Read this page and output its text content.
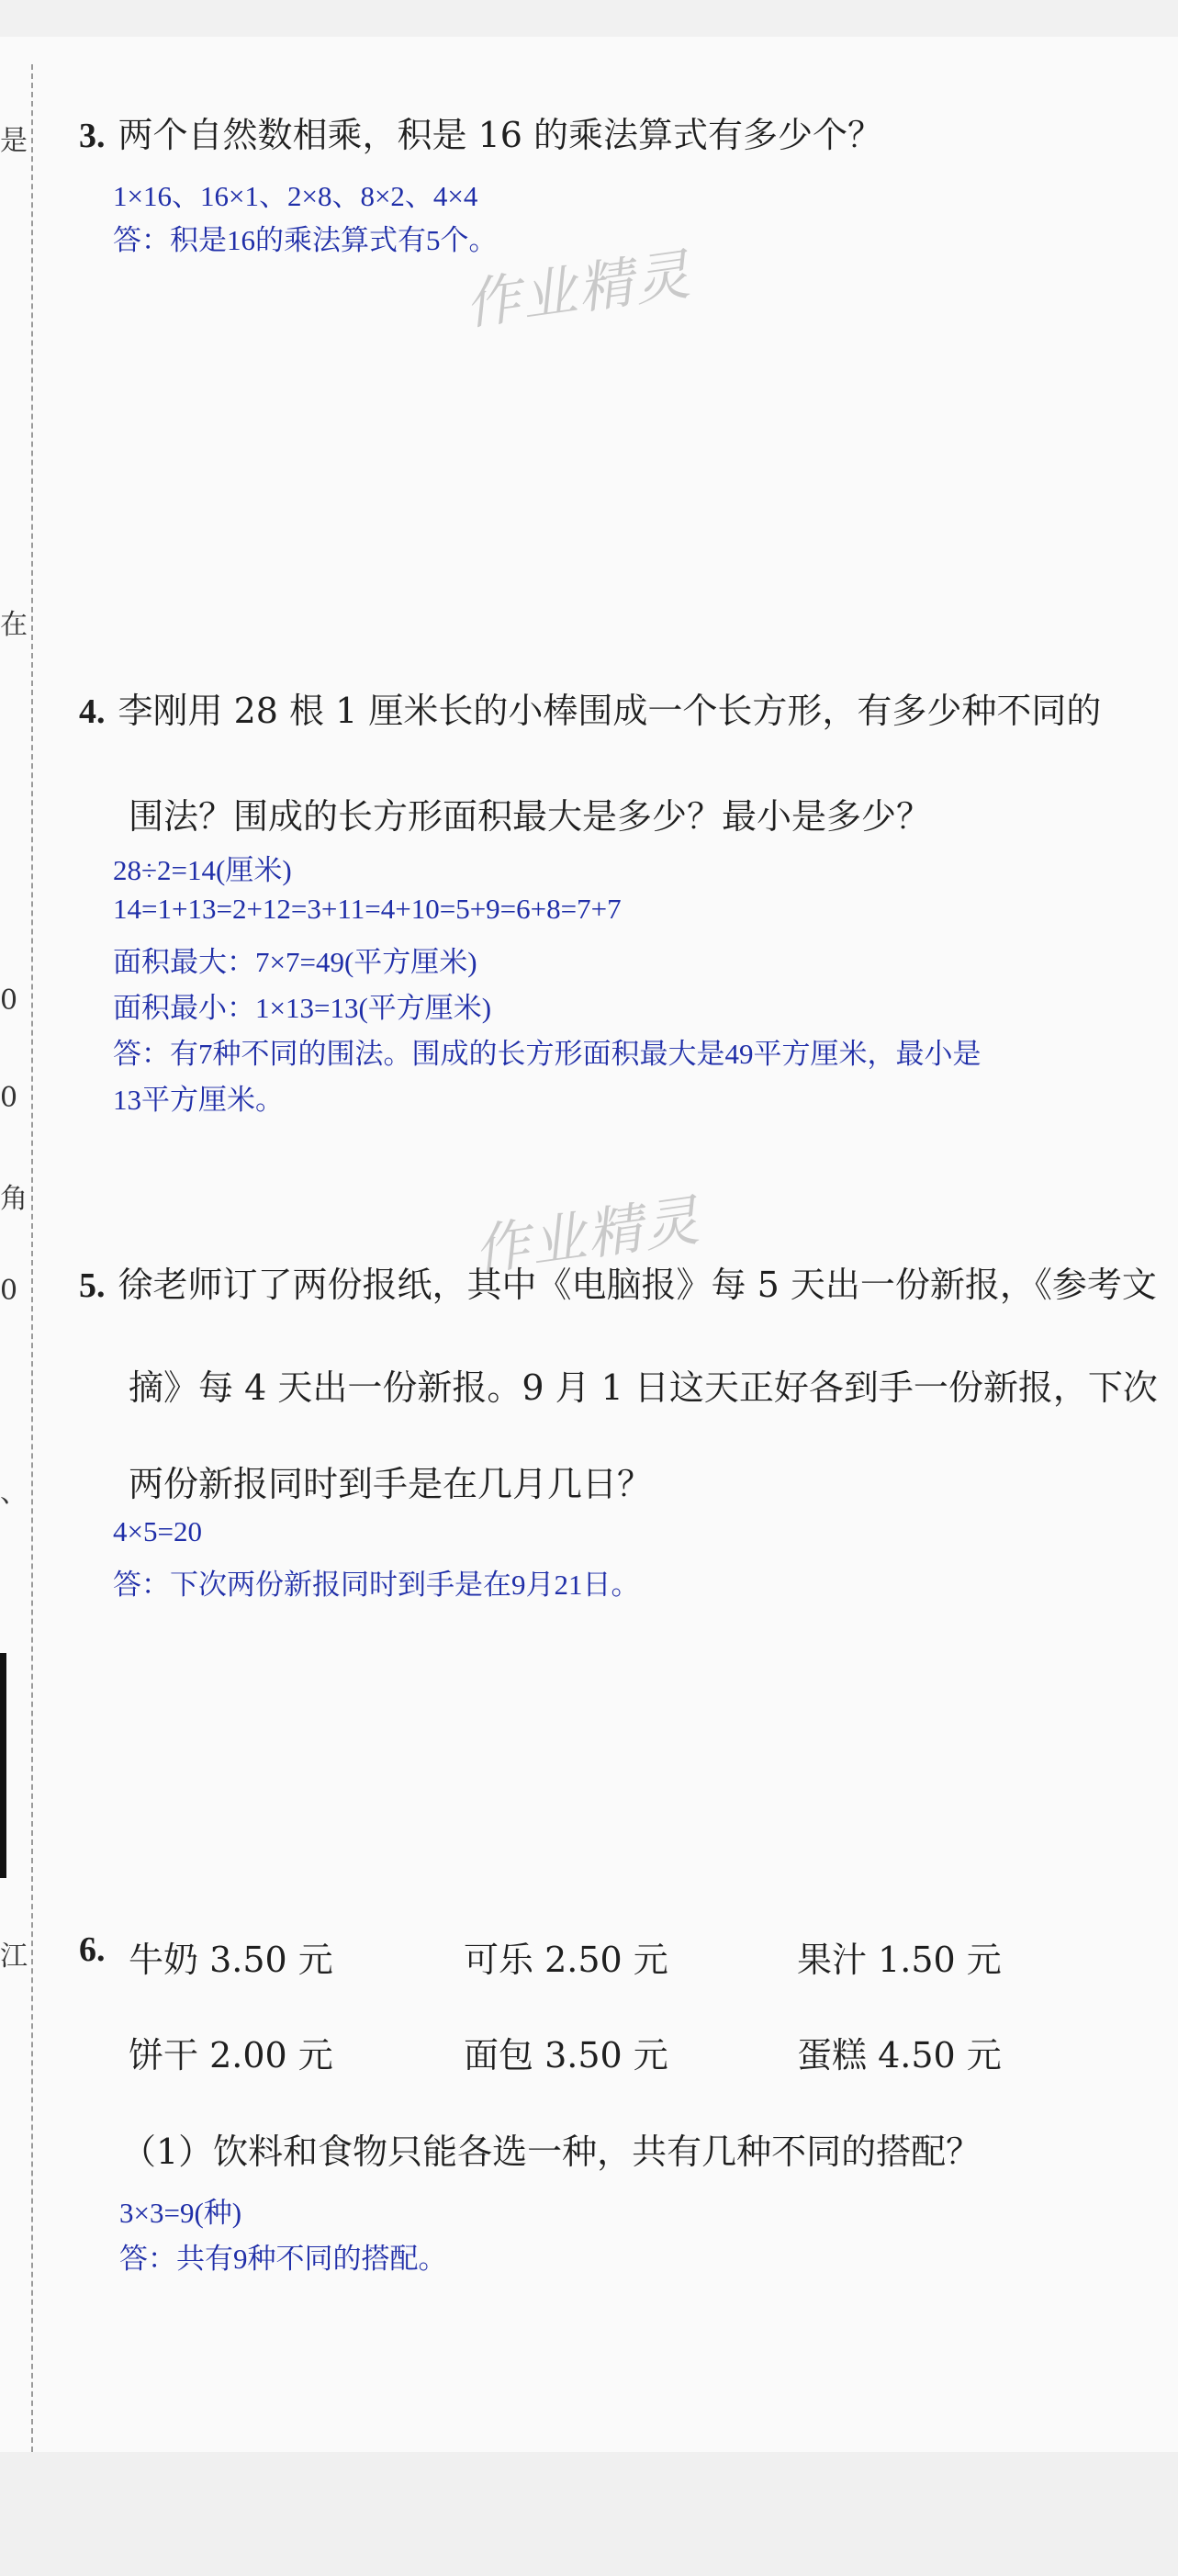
是
在
0
0
角
0
、
江
3. 两个自然数相乘，积是 16 的乘法算式有多少个？
1×16、16×1、2×8、8×2、4×4
答：积是16的乘法算式有5个。
作业精灵
4. 李刚用 28 根 1 厘米长的小棒围成一个长方形，有多少种不同的
围法？围成的长方形面积最大是多少？最小是多少？
28÷2=14(厘米)
14=1+13=2+12=3+11=4+10=5+9=6+8=7+7
面积最大：7×7=49(平方厘米)
面积最小：1×13=13(平方厘米)
答：有7种不同的围法。围成的长方形面积最大是49平方厘米，最小是
13平方厘米。
作业精灵
5. 徐老师订了两份报纸，其中《电脑报》每 5 天出一份新报，《参考文
摘》每 4 天出一份新报。9 月 1 日这天正好各到手一份新报，下次
两份新报同时到手是在几月几日？
4×5=20
答：下次两份新报同时到手是在9月21日。
6. 牛奶 3.50 元	可乐 2.50 元	果汁 1.50 元
饼干 2.00 元	面包 3.50 元	蛋糕 4.50 元
（1）饮料和食物只能各选一种，共有几种不同的搭配？
3×3=9(种)
答：共有9种不同的搭配。
